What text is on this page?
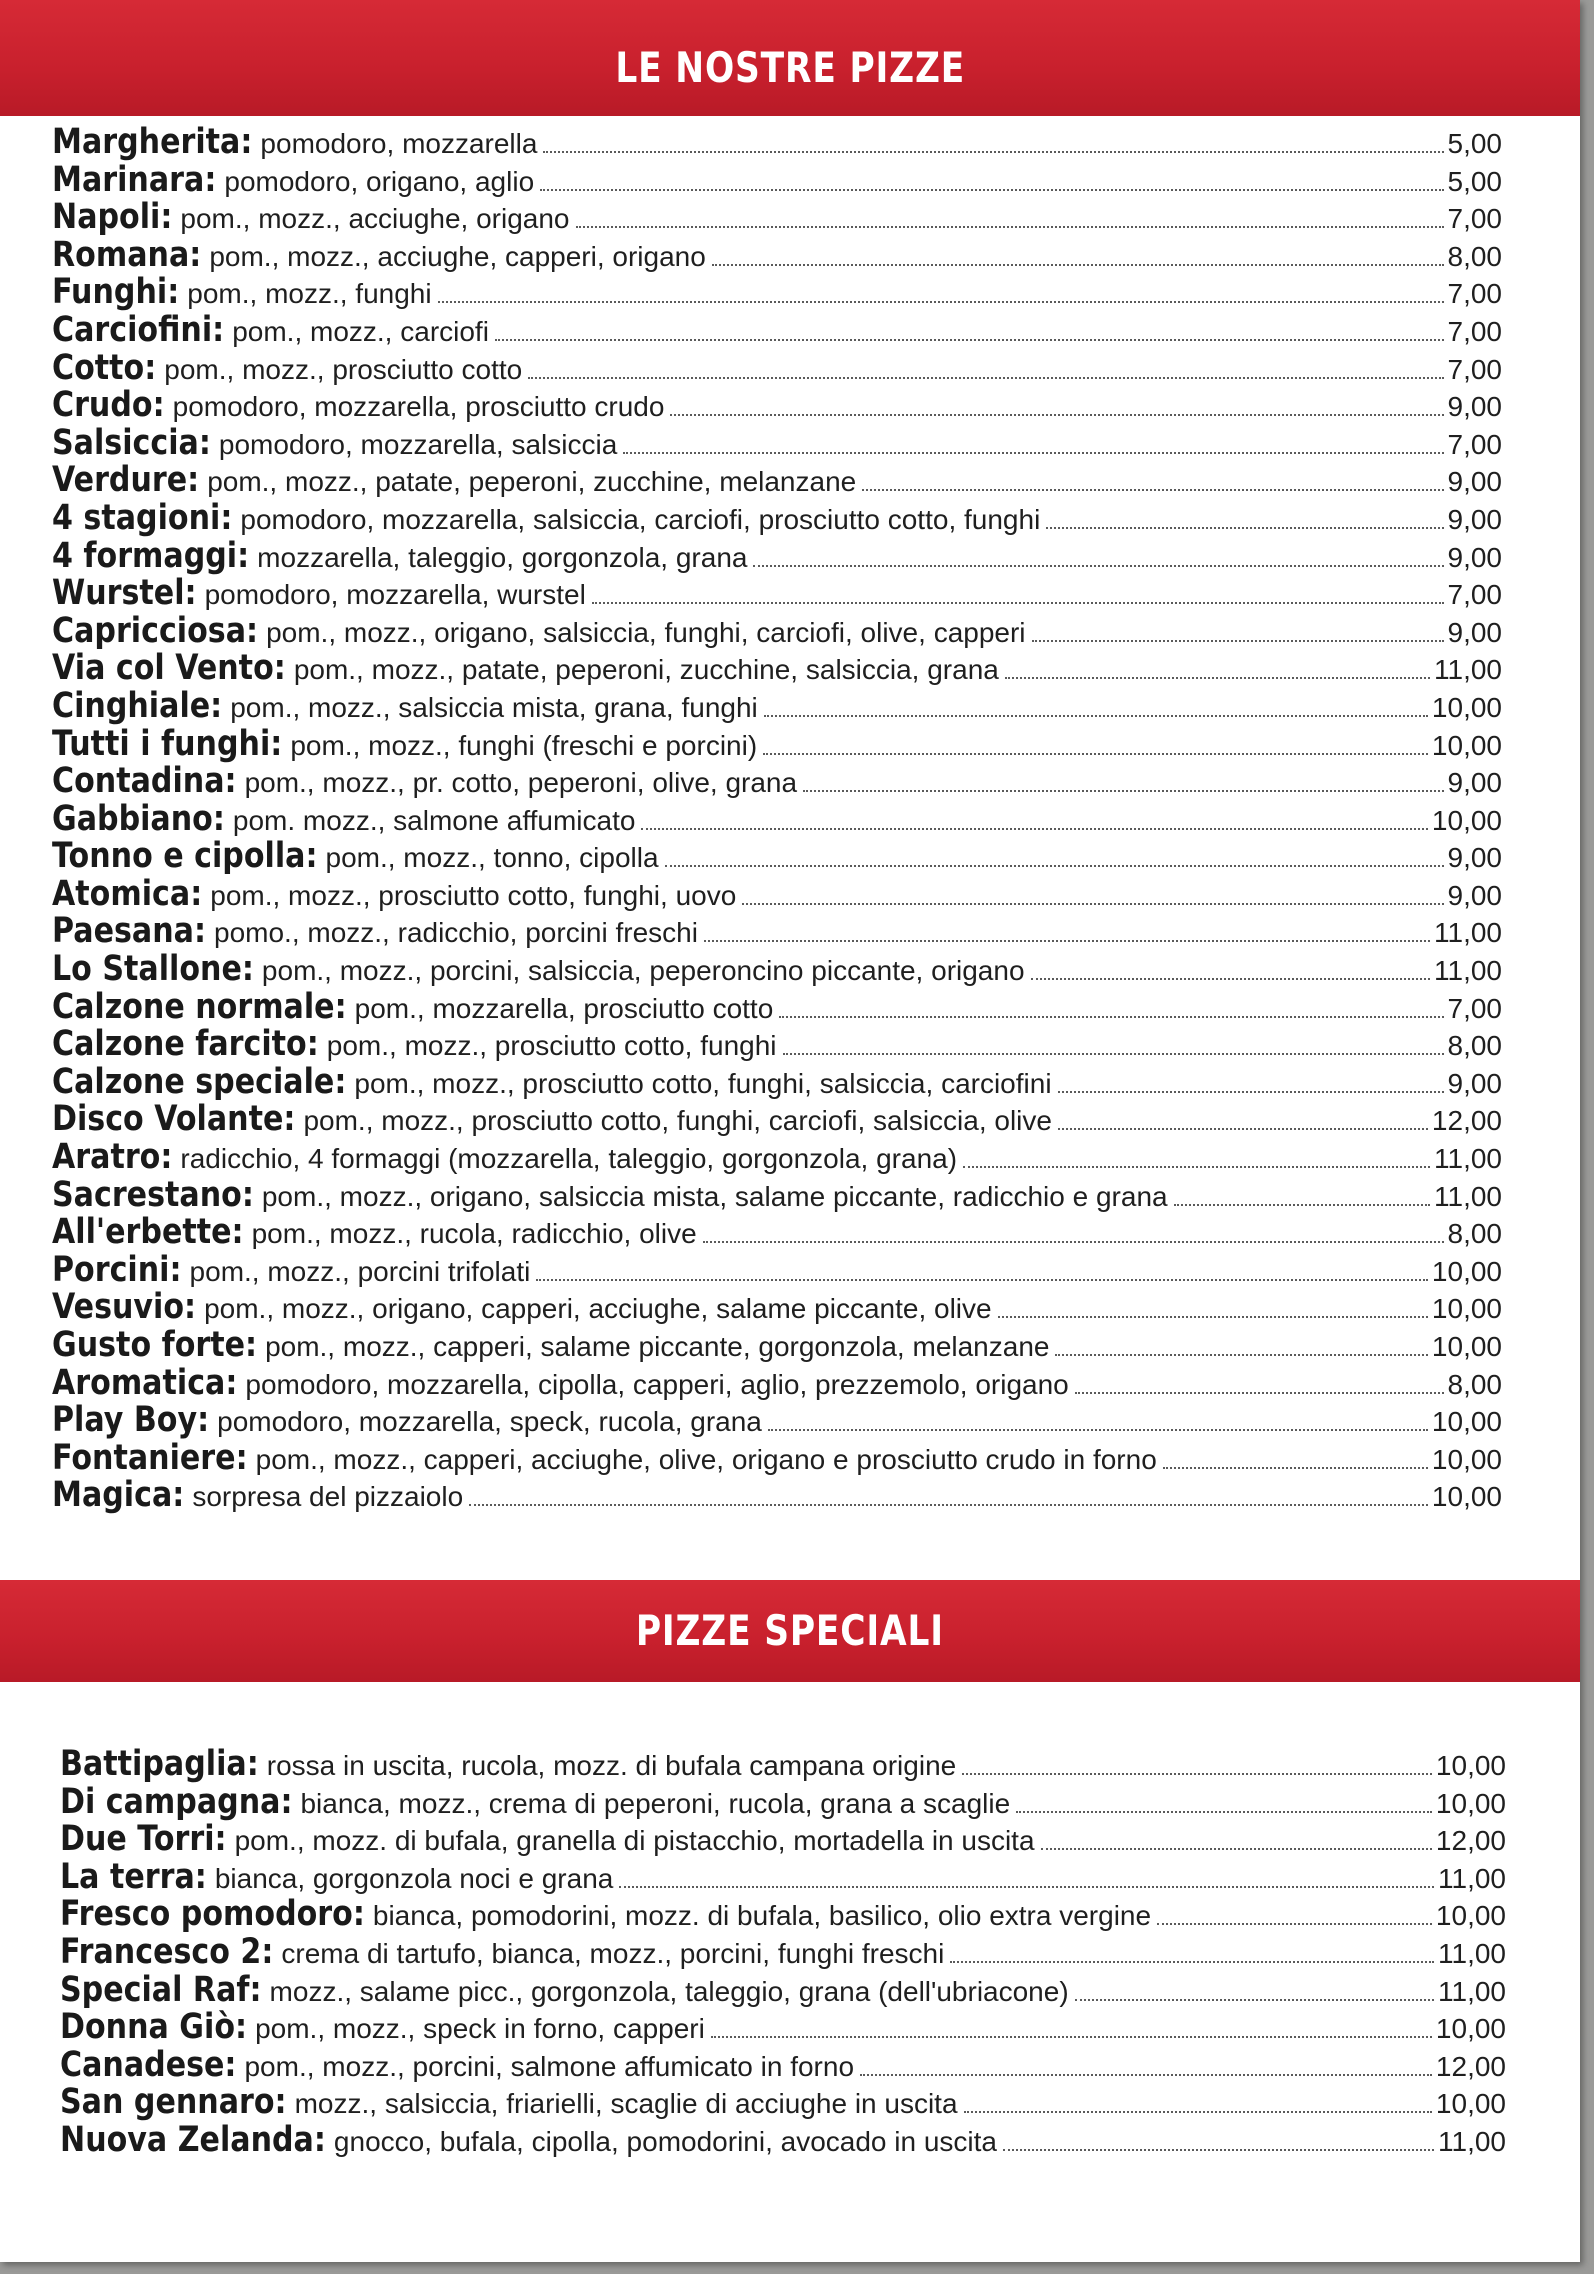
LE NOSTRE PIZZE
Margherita: pomodoro, mozzarella	5,00
Marinara: pomodoro, origano, aglio	5,00
Napoli: pom., mozz., acciughe, origano	7,00
Romana: pom., mozz., acciughe, capperi, origano	8,00
Funghi: pom., mozz., funghi	7,00
Carciofini: pom., mozz., carciofi	7,00
Cotto: pom., mozz., prosciutto cotto	7,00
Crudo: pomodoro, mozzarella, prosciutto crudo	9,00
Salsiccia: pomodoro, mozzarella, salsiccia	7,00
Verdure: pom., mozz., patate, peperoni, zucchine, melanzane	9,00
4 stagioni: pomodoro, mozzarella, salsiccia, carciofi, prosciutto cotto, funghi	9,00
4 formaggi: mozzarella, taleggio, gorgonzola, grana	9,00
Wurstel: pomodoro, mozzarella, wurstel	7,00
Capricciosa: pom., mozz., origano, salsiccia, funghi, carciofi, olive, capperi	9,00
Via col Vento: pom., mozz., patate, peperoni, zucchine, salsiccia, grana	11,00
Cinghiale: pom., mozz., salsiccia mista, grana, funghi	10,00
Tutti i funghi: pom., mozz., funghi (freschi e porcini)	10,00
Contadina: pom., mozz., pr. cotto, peperoni, olive, grana	9,00
Gabbiano: pom. mozz., salmone affumicato	10,00
Tonno e cipolla: pom., mozz., tonno, cipolla	9,00
Atomica: pom., mozz., prosciutto cotto, funghi, uovo	9,00
Paesana: pomo., mozz., radicchio, porcini freschi	11,00
Lo Stallone: pom., mozz., porcini, salsiccia, peperoncino piccante, origano	11,00
Calzone normale: pom., mozzarella, prosciutto cotto	7,00
Calzone farcito: pom., mozz., prosciutto cotto, funghi	8,00
Calzone speciale: pom., mozz., prosciutto cotto, funghi, salsiccia, carciofini	9,00
Disco Volante: pom., mozz., prosciutto cotto, funghi, carciofi, salsiccia, olive	12,00
Aratro: radicchio, 4 formaggi (mozzarella, taleggio, gorgonzola, grana)	11,00
Sacrestano: pom., mozz., origano, salsiccia mista, salame piccante, radicchio e grana	11,00
All'erbette: pom., mozz., rucola, radicchio, olive	8,00
Porcini: pom., mozz., porcini trifolati	10,00
Vesuvio: pom., mozz., origano, capperi, acciughe, salame piccante, olive	10,00
Gusto forte: pom., mozz., capperi, salame piccante, gorgonzola, melanzane	10,00
Aromatica: pomodoro, mozzarella, cipolla, capperi, aglio, prezzemolo, origano	8,00
Play Boy: pomodoro, mozzarella, speck, rucola, grana	10,00
Fontaniere: pom., mozz., capperi, acciughe, olive, origano e prosciutto crudo in forno	10,00
Magica: sorpresa del pizzaiolo	10,00
PIZZE SPECIALI
Battipaglia: rossa in uscita, rucola, mozz. di bufala campana origine	10,00
Di campagna: bianca, mozz., crema di peperoni, rucola, grana a scaglie	10,00
Due Torri: pom., mozz. di bufala, granella di pistacchio, mortadella in uscita	12,00
La terra: bianca, gorgonzola noci e grana	11,00
Fresco pomodoro: bianca, pomodorini, mozz. di bufala, basilico, olio extra vergine	10,00
Francesco 2: crema di tartufo, bianca, mozz., porcini, funghi freschi	11,00
Special Raf: mozz., salame picc., gorgonzola, taleggio, grana (dell'ubriacone)	11,00
Donna Giò: pom., mozz., speck in forno, capperi	10,00
Canadese: pom., mozz., porcini, salmone affumicato in forno	12,00
San gennaro: mozz., salsiccia, friarielli, scaglie di acciughe in uscita	10,00
Nuova Zelanda: gnocco, bufala, cipolla, pomodorini, avocado in uscita	11,00
